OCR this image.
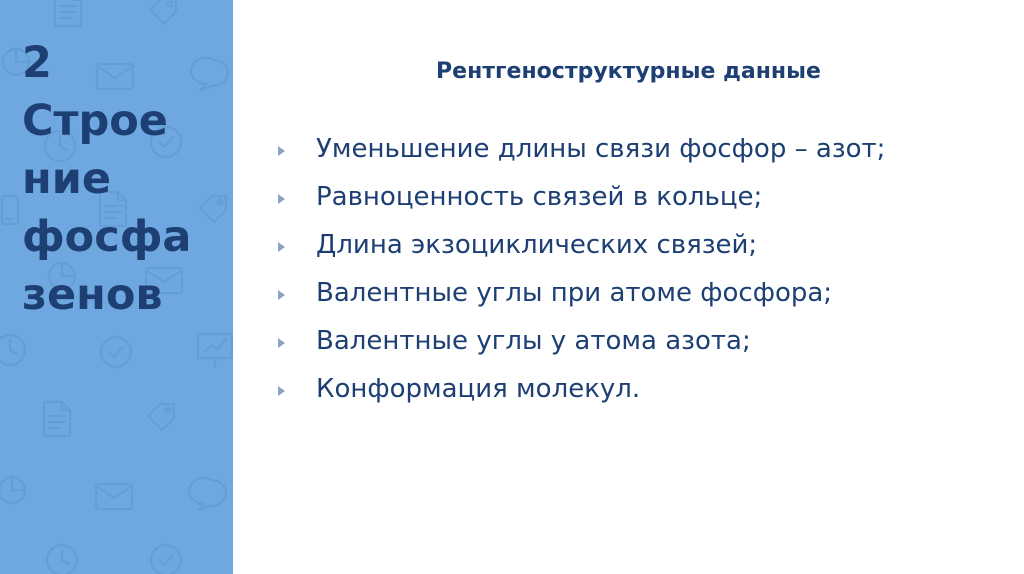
2
Строе
ние
фосфа
зенов
Рентгеноструктурные данные
Уменьшение длины связи фосфор – азот;
Равноценность связей в кольце;
Длина экзоциклических связей;
Валентные углы при атоме фосфора;
Валентные углы у атома азота;
Конформация молекул.
